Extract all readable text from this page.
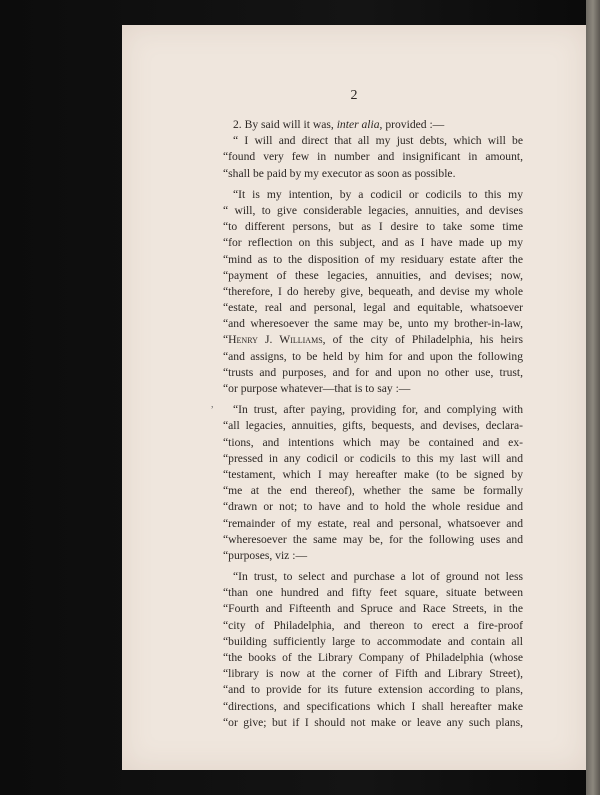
2
2. By said will it was, inter alia, provided :—
“ I will and direct that all my just debts, which will be
“found very few in number and insignificant in amount,
“shall be paid by my executor as soon as possible.
“It is my intention, by a codicil or codicils to this my
“ will, to give considerable legacies, annuities, and devises
“to different persons, but as I desire to take some time
“for reflection on this subject, and as I have made up my
“mind as to the disposition of my residuary estate after the
“payment of these legacies, annuities, and devises; now,
“therefore, I do hereby give, bequeath, and devise my whole
“estate, real and personal, legal and equitable, whatsoever
“and wheresoever the same may be, unto my brother-in-law,
“Henry J. Williams, of the city of Philadelphia, his heirs
“and assigns, to be held by him for and upon the following
“trusts and purposes, and for and upon no other use, trust,
“or purpose whatever—that is to say :—
“In trust, after paying, providing for, and complying with
“all legacies, annuities, gifts, bequests, and devises, declara-
“tions, and intentions which may be contained and ex-
“pressed in any codicil or codicils to this my last will and
“testament, which I may hereafter make (to be signed by
“me at the end thereof), whether the same be formally
“drawn or not; to have and to hold the whole residue and
“remainder of my estate, real and personal, whatsoever and
“wheresoever the same may be, for the following uses and
“purposes, viz :—
“In trust, to select and purchase a lot of ground not less
“than one hundred and fifty feet square, situate between
“Fourth and Fifteenth and Spruce and Race Streets, in the
“city of Philadelphia, and thereon to erect a fire-proof
“building sufficiently large to accommodate and contain all
“the books of the Library Company of Philadelphia (whose
“library is now at the corner of Fifth and Library Street),
“and to provide for its future extension according to plans,
“directions, and specifications which I shall hereafter make
“or give; but if I should not make or leave any such plans,
,
